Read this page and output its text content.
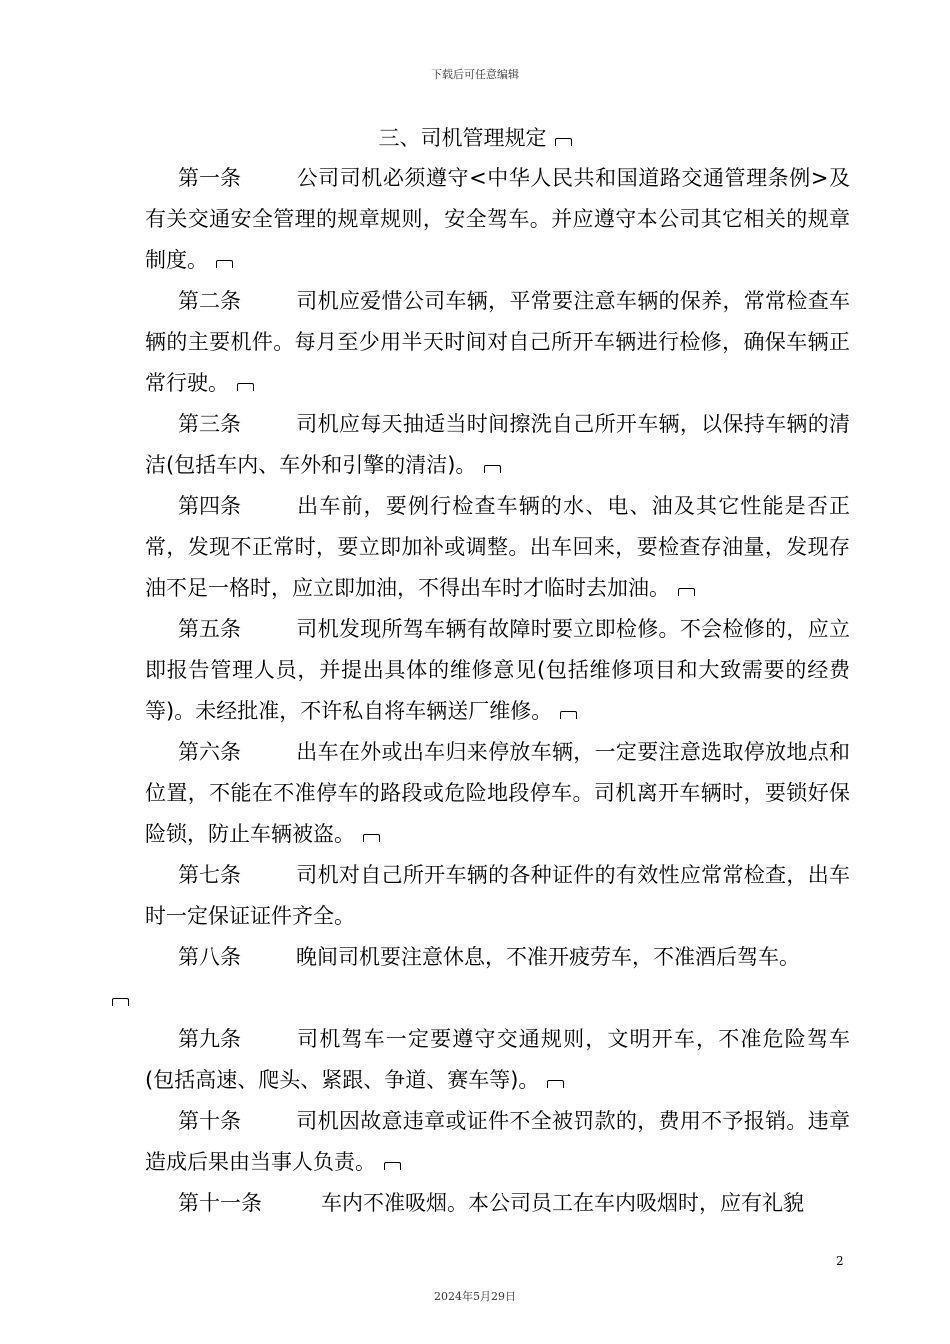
下载后可任意编辑
三、司机管理规定

第一条	公司司机必须遵守<中华人民共和国道路交通管理条例>及有关交通安全管理的规章规则，安全驾车。并应遵守本公司其它相关的规章制度。

第二条	司机应爱惜公司车辆，平常要注意车辆的保养，常常检查车辆的主要机件。每月至少用半天时间对自己所开车辆进行检修，确保车辆正常行驶。

第三条	司机应每天抽适当时间擦洗自己所开车辆，以保持车辆的清洁(包括车内、车外和引擎的清洁)。

第四条	出车前，要例行检查车辆的水、电、油及其它性能是否正常，发现不正常时，要立即加补或调整。出车回来，要检查存油量，发现存油不足一格时，应立即加油，不得出车时才临时去加油。

第五条	司机发现所驾车辆有故障时要立即检修。不会检修的，应立即报告管理人员，并提出具体的维修意见(包括维修项目和大致需要的经费等)。未经批准，不许私自将车辆送厂维修。

第六条	出车在外或出车归来停放车辆，一定要注意选取停放地点和位置，不能在不准停车的路段或危险地段停车。司机离开车辆时，要锁好保险锁，防止车辆被盗。

第七条	司机对自己所开车辆的各种证件的有效性应常常检查，出车时一定保证证件齐全。

第八条	晚间司机要注意休息，不准开疲劳车，不准酒后驾车。

第九条	司机驾车一定要遵守交通规则，文明开车，不准危险驾车(包括高速、爬头、紧跟、争道、赛车等)。

第十条	司机因故意违章或证件不全被罚款的，费用不予报销。违章造成后果由当事人负责。

第十一条	车内不准吸烟。本公司员工在车内吸烟时，应有礼貌

2
2024年5月29日
